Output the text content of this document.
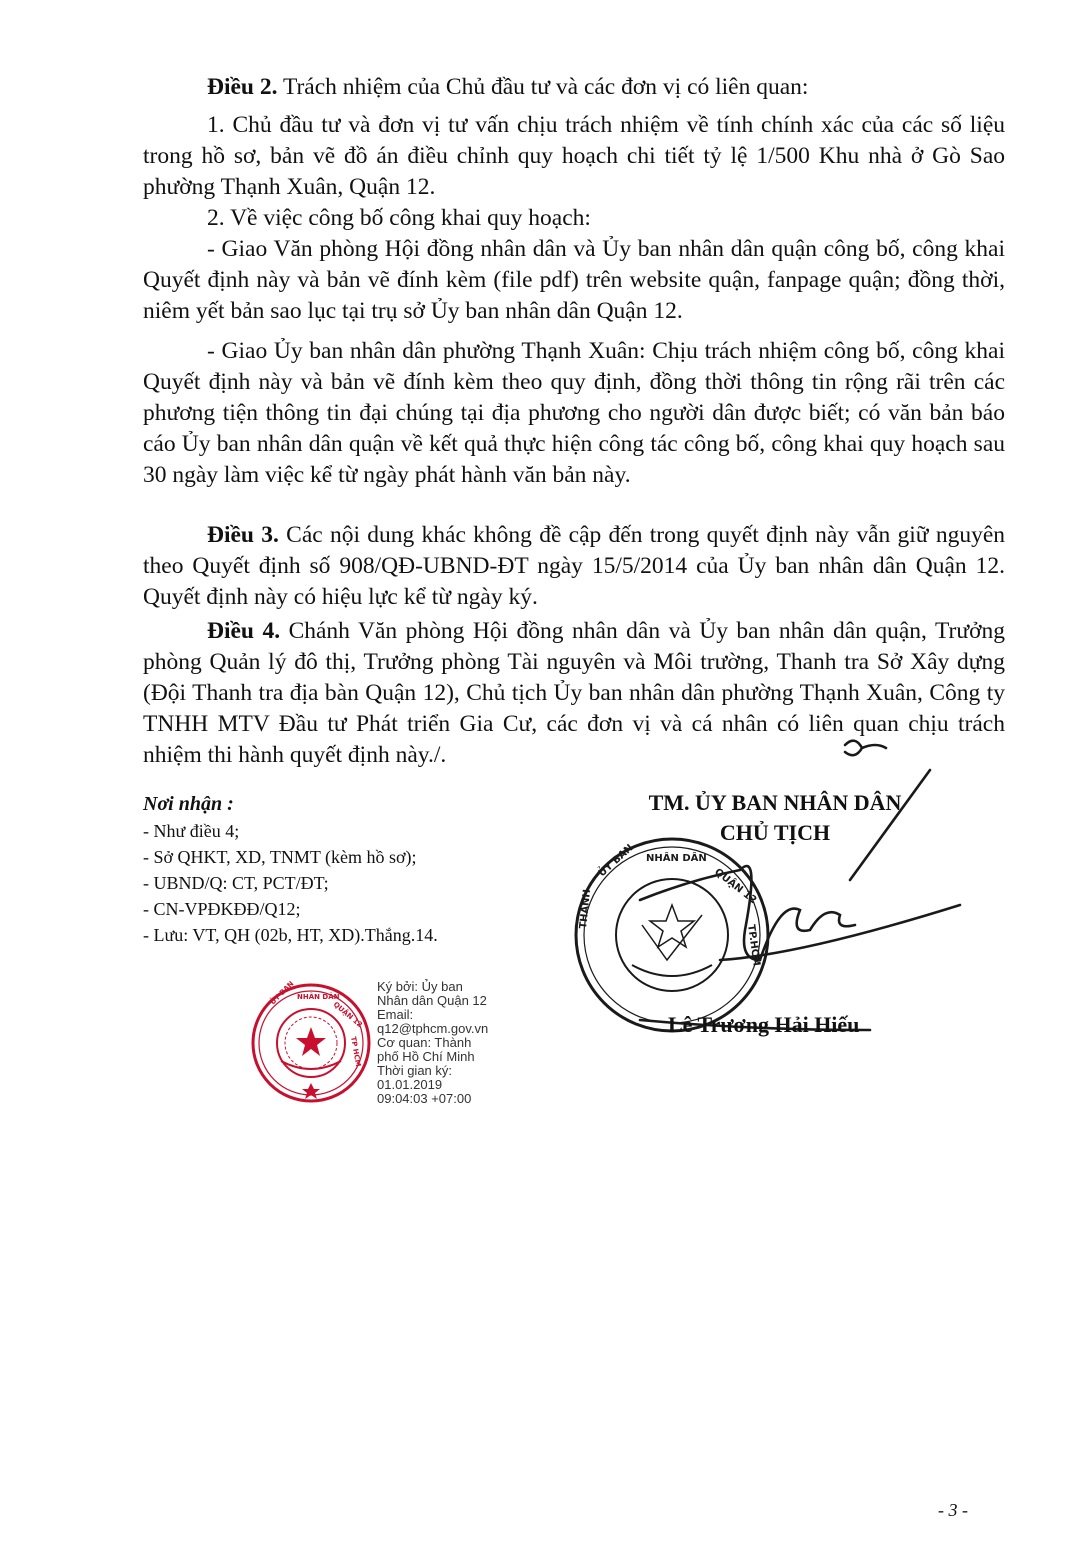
Điều 2. Trách nhiệm của Chủ đầu tư và các đơn vị có liên quan:

1. Chủ đầu tư và đơn vị tư vấn chịu trách nhiệm về tính chính xác của các số liệu trong hồ sơ, bản vẽ đồ án điều chỉnh quy hoạch chi tiết tỷ lệ 1/500 Khu nhà ở Gò Sao phường Thạnh Xuân, Quận 12.

2. Về việc công bố công khai quy hoạch:

- Giao Văn phòng Hội đồng nhân dân và Ủy ban nhân dân quận công bố, công khai Quyết định này và bản vẽ đính kèm (file pdf) trên website quận, fanpage quận; đồng thời, niêm yết bản sao lục tại trụ sở Ủy ban nhân dân Quận 12.

- Giao Ủy ban nhân dân phường Thạnh Xuân: Chịu trách nhiệm công bố, công khai Quyết định này và bản vẽ đính kèm theo quy định, đồng thời thông tin rộng rãi trên các phương tiện thông tin đại chúng tại địa phương cho người dân được biết; có văn bản báo cáo Ủy ban nhân dân quận về kết quả thực hiện công tác công bố, công khai quy hoạch sau 30 ngày làm việc kể từ ngày phát hành văn bản này.

Điều 3. Các nội dung khác không đề cập đến trong quyết định này vẫn giữ nguyên theo Quyết định số 908/QĐ-UBND-ĐT ngày 15/5/2014 của Ủy ban nhân dân Quận 12. Quyết định này có hiệu lực kể từ ngày ký.

Điều 4. Chánh Văn phòng Hội đồng nhân dân và Ủy ban nhân dân quận, Trưởng phòng Quản lý đô thị, Trưởng phòng Tài nguyên và Môi trường, Thanh tra Sở Xây dựng (Đội Thanh tra địa bàn Quận 12), Chủ tịch Ủy ban nhân dân phường Thạnh Xuân, Công ty TNHH MTV Đầu tư Phát triển Gia Cư, các đơn vị và cá nhân có liên quan chịu trách nhiệm thi hành quyết định này./.

Nơi nhận :
- Như điều 4;
- Sở QHKT, XD, TNMT (kèm hồ sơ);
- UBND/Q: CT, PCT/ĐT;
- CN-VPĐKĐĐ/Q12;
- Lưu: VT, QH (02b, HT, XD).Thắng.14.
ỦY BAN NHÂN DÂN
QUẬN 12
TP HCM
Ký bởi: Ủy ban
Nhân dân Quận 12
Email:
q12@tphcm.gov.vn
Cơ quan: Thành
phố Hồ Chí Minh
Thời gian ký:
01.01.2019
09:04:03 +07:00
TM. ỦY BAN NHÂN DÂN
CHỦ TỊCH
ỦY BAN NHÂN DÂN
QUẬN 12
TP.HCM
THÀNH
Lê Trương Hải Hiếu
- 3 -
